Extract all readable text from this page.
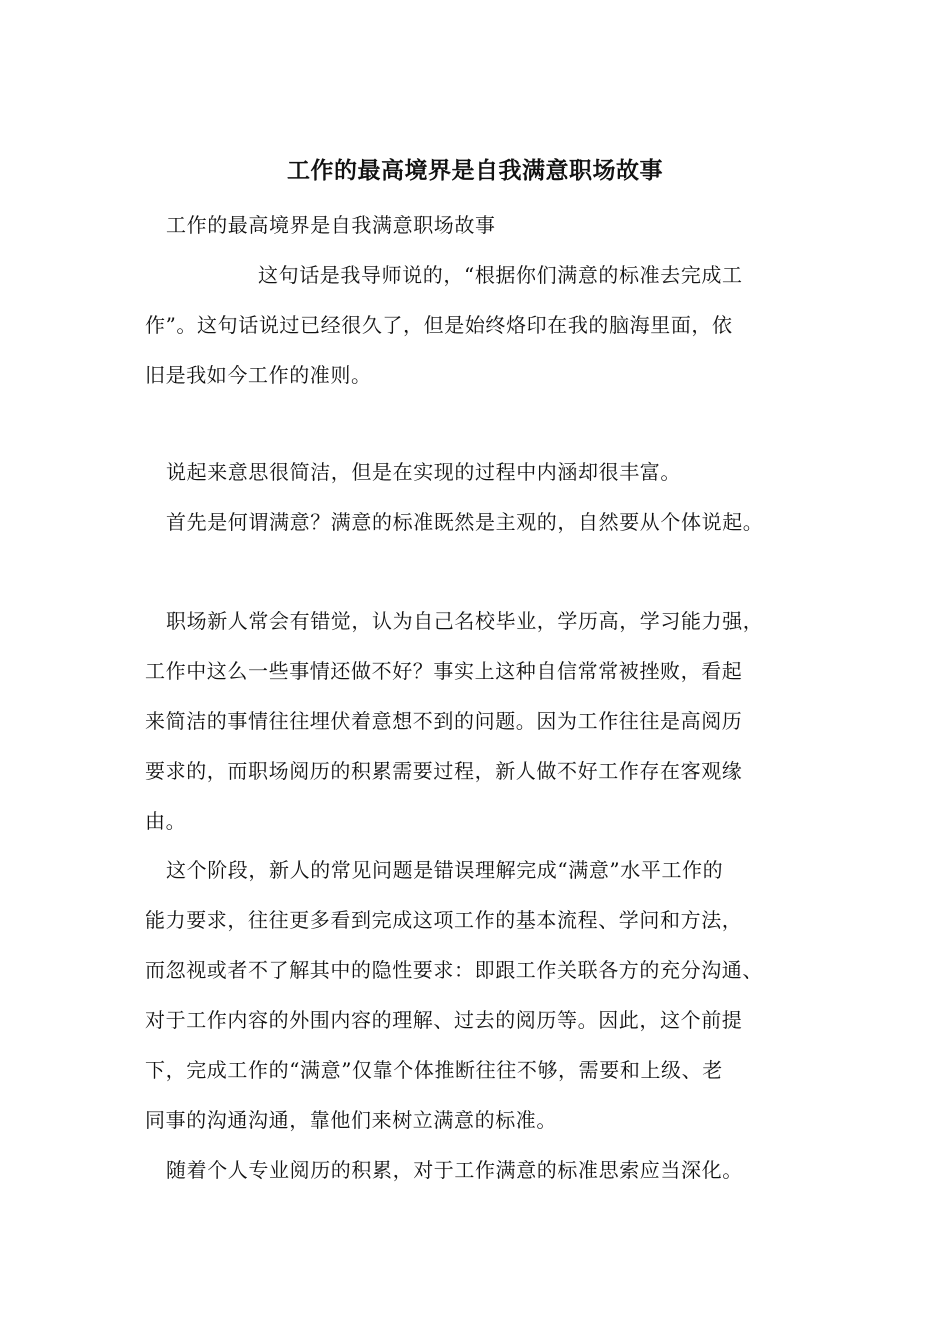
工作的最高境界是自我满意职场故事
工作的最高境界是自我满意职场故事
这句话是我导师说的，“根据你们满意的标准去完成工
作”。这句话说过已经很久了，但是始终烙印在我的脑海里面，依
旧是我如今工作的准则。
说起来意思很简洁，但是在实现的过程中内涵却很丰富。
首先是何谓满意？满意的标准既然是主观的，自然要从个体说起。
职场新人常会有错觉，认为自己名校毕业，学历高，学习能力强，
工作中这么一些事情还做不好？事实上这种自信常常被挫败，看起
来简洁的事情往往埋伏着意想不到的问题。因为工作往往是高阅历
要求的，而职场阅历的积累需要过程，新人做不好工作存在客观缘
由。
这个阶段，新人的常见问题是错误理解完成“满意”水平工作的
能力要求，往往更多看到完成这项工作的基本流程、学问和方法，
而忽视或者不了解其中的隐性要求：即跟工作关联各方的充分沟通、
对于工作内容的外围内容的理解、过去的阅历等。因此，这个前提
下，完成工作的“满意”仅靠个体推断往往不够，需要和上级、老
同事的沟通沟通，靠他们来树立满意的标准。
随着个人专业阅历的积累，对于工作满意的标准思索应当深化。
